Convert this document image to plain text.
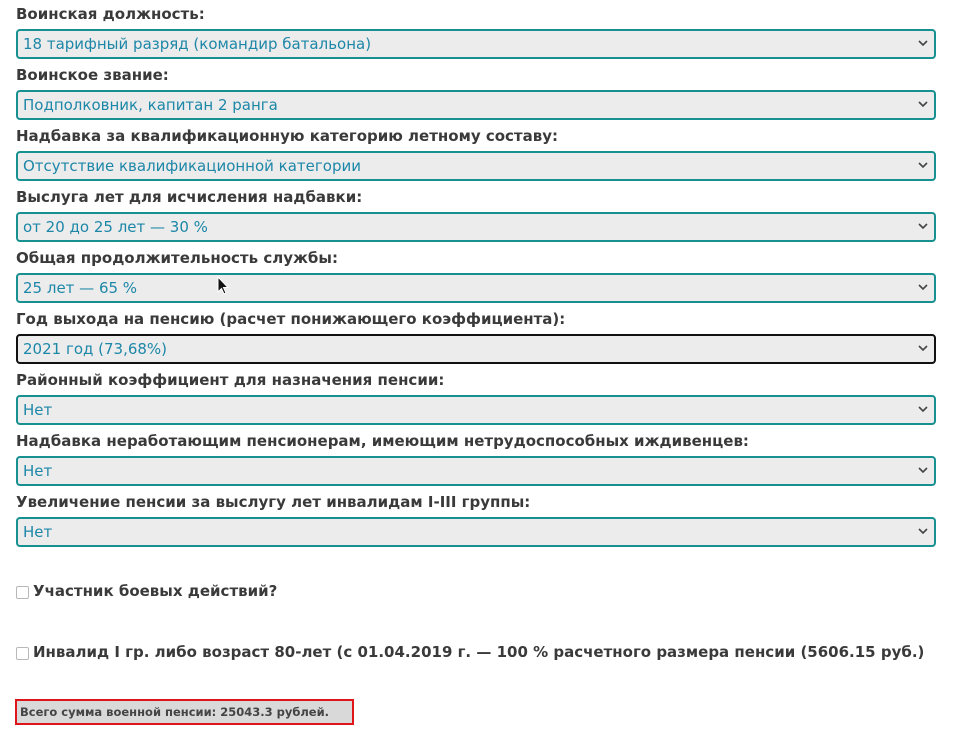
Воинская должность:
18 тарифный разряд (командир батальона)
Воинское звание:
Подполковник, капитан 2 ранга
Надбавка за квалификационную категорию летному составу:
Отсутствие квалификационной категории
Выслуга лет для исчисления надбавки:
от 20 до 25 лет — 30 %
Общая продолжительность службы:
25 лет — 65 %
Год выхода на пенсию (расчет понижающего коэффициента):
2021 год (73,68%)
Районный коэффициент для назначения пенсии:
Нет
Надбавка неработающим пенсионерам, имеющим нетрудоспособных иждивенцев:
Нет
Увеличение пенсии за выслугу лет инвалидам I-III группы:
Нет
Участник боевых действий?
Инвалид I гр. либо возраст 80-лет (с 01.04.2019 г. — 100 % расчетного размера пенсии (5606.15 руб.)
Всего сумма военной пенсии: 25043.3 рублей.
